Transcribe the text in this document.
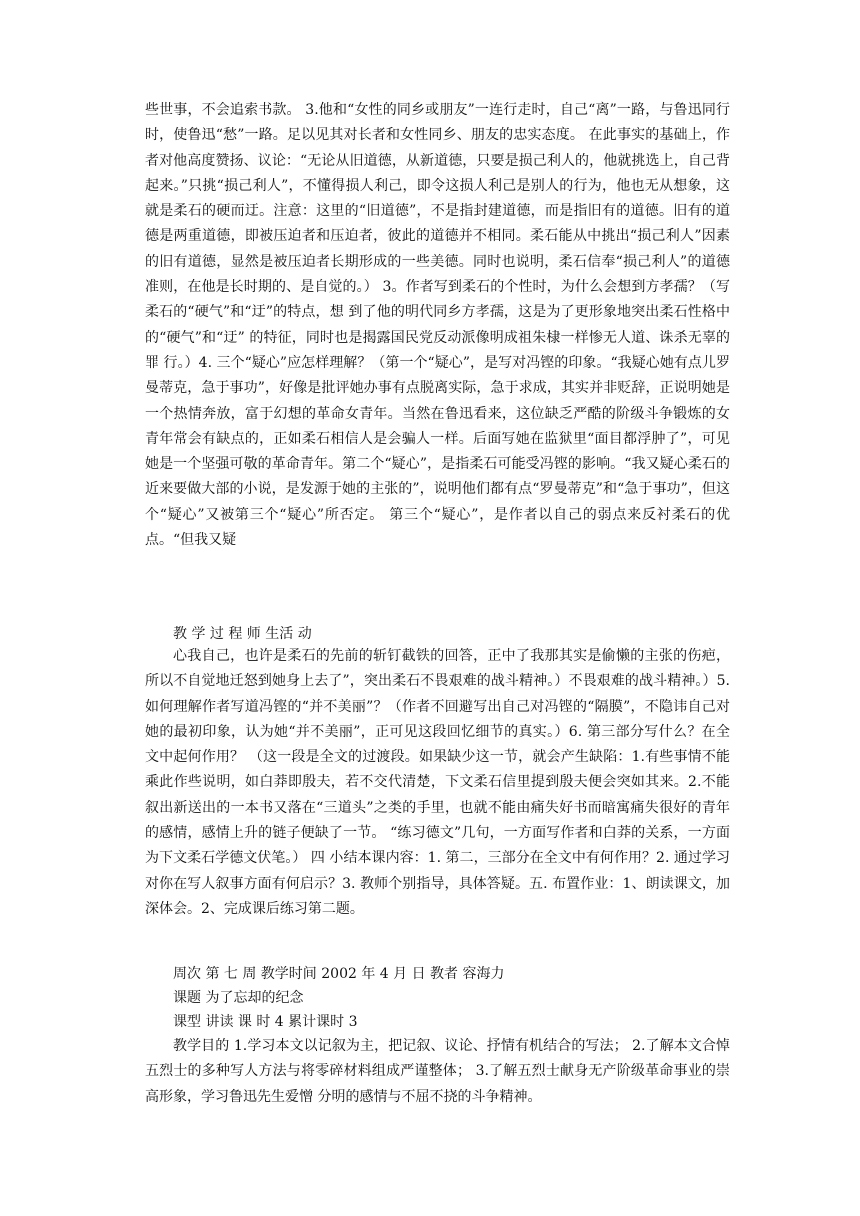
些世事，不会追索书款。 3.他和“女性的同乡或朋友”一连行走时，自己“离”一路，与鲁迅同行时，使鲁迅“愁”一路。足以见其对长者和女性同乡、朋友的忠实态度。 在此事实的基础上，作者对他高度赞扬、议论：“无论从旧道德，从新道德，只要是损己利人的，他就挑选上，自己背起来。”只挑“损己利人”，不懂得损人利己，即令这损人利己是别人的行为，他也无从想象，这就是柔石的硬而迂。注意：这里的“旧道德”，不是指封建道德，而是指旧有的道德。旧有的道德是两重道德，即被压迫者和压迫者，彼此的道德并不相同。柔石能从中挑出“损己利人”因素的旧有道德，显然是被压迫者长期形成的一些美德。同时也说明，柔石信奉“损己利人”的道德准则，在他是长时期的、是自觉的。） 3。作者写到柔石的个性时，为什么会想到方孝孺？（写柔石的“硬气”和“迂”的特点，想 到了他的明代同乡方孝孺，这是为了更形象地突出柔石性格中的“硬气”和“迂” 的特征，同时也是揭露国民党反动派像明成祖朱棣一样惨无人道、诛杀无辜的罪 行。）4. 三个“疑心”应怎样理解？（第一个“疑心”，是写对冯铿的印象。“我疑心她有点儿罗曼蒂克，急于事功”，好像是批评她办事有点脱离实际，急于求成，其实并非贬辞，正说明她是一个热情奔放，富于幻想的革命女青年。当然在鲁迅看来，这位缺乏严酷的阶级斗争锻炼的女青年常会有缺点的，正如柔石相信人是会骗人一样。后面写她在监狱里“面目都浮肿了”，可见她是一个坚强可敬的革命青年。第二个“疑心”，是指柔石可能受冯铿的影响。“我又疑心柔石的近来要做大部的小说，是发源于她的主张的”，说明他们都有点“罗曼蒂克”和“急于事功”，但这个“疑心”又被第三个“疑心”所否定。 第三个“疑心”，是作者以自己的弱点来反衬柔石的优点。“但我又疑

教 学 过 程 师 生活 动

心我自己，也许是柔石的先前的斩钉截铁的回答，正中了我那其实是偷懒的主张的伤疤，所以不自觉地迁怒到她身上去了”，突出柔石不畏艰难的战斗精神。）不畏艰难的战斗精神。）5. 如何理解作者写道冯铿的“并不美丽”？（作者不回避写出自己对冯铿的“隔膜”，不隐讳自己对她的最初印象，认为她“并不美丽”，正可见这段回忆细节的真实。）6. 第三部分写什么？在全文中起何作用？ （这一段是全文的过渡段。如果缺少这一节，就会产生缺陷：1.有些事情不能乘此作些说明，如白莽即殷夫，若不交代清楚，下文柔石信里提到殷夫便会突如其来。2.不能叙出新送出的一本书又落在“三道头”之类的手里，也就不能由痛失好书而暗寓痛失很好的青年的感情，感情上升的链子便缺了一节。 “练习德文”几句，一方面写作者和白莽的关系，一方面为下文柔石学德文伏笔。） 四 小结本课内容：1. 第二，三部分在全文中有何作用？2. 通过学习对你在写人叙事方面有何启示？3. 教师个别指导，具体答疑。五. 布置作业：1、朗读课文，加深体会。2、完成课后练习第二题。

周次 第 七 周 教学时间 2002 年 4 月 日 教者 容海力
课题 为了忘却的纪念
课型 讲读 课 时 4 累计课时 3

教学目的 1.学习本文以记叙为主，把记叙、议论、抒情有机结合的写法； 2.了解本文合悼五烈士的多种写人方法与将零碎材料组成严谨整体； 3.了解五烈士献身无产阶级革命事业的崇高形象，学习鲁迅先生爱憎 分明的感情与不屈不挠的斗争精神。
